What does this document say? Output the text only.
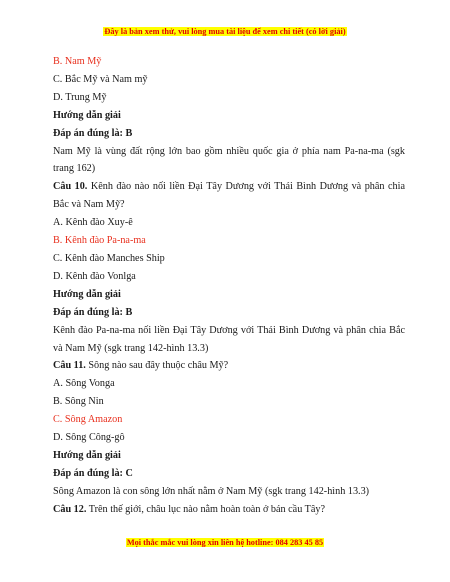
Đây là bản xem thử, vui lòng mua tài liệu để xem chi tiết (có lời giải)
B. Nam Mỹ
C. Bắc Mỹ và Nam mỹ
D. Trung Mỹ
Hướng dẫn giải
Đáp án đúng là: B
Nam Mỹ là vùng đất rộng lớn bao gồm nhiều quốc gia ở phía nam Pa-na-ma (sgk trang 162)
Câu 10. Kênh đào nào nối liền Đại Tây Dương với Thái Bình Dương và phân chia Bắc và Nam Mỹ?
A. Kênh đào Xuy-ê
B. Kênh đào Pa-na-ma
C. Kênh đào Manches Ship
D. Kênh đào Vonlga
Hướng dẫn giải
Đáp án đúng là: B
Kênh đào Pa-na-ma nối liền Đại Tây Dương với Thái Bình Dương và phân chia Bắc và Nam Mỹ (sgk trang 142-hình 13.3)
Câu 11. Sông nào sau đây thuộc châu Mỹ?
A. Sông Vonga
B. Sông Nin
C. Sông Amazon
D. Sông Công-gô
Hướng dẫn giải
Đáp án đúng là: C
Sông Amazon là con sông lớn nhất nằm ở Nam Mỹ (sgk trang 142-hình 13.3)
Câu 12. Trên thế giới, châu lục nào nằm hoàn toàn ở bán cầu Tây?
Mọi thắc mắc vui lòng xin liên hệ hotline: 084 283 45 85
